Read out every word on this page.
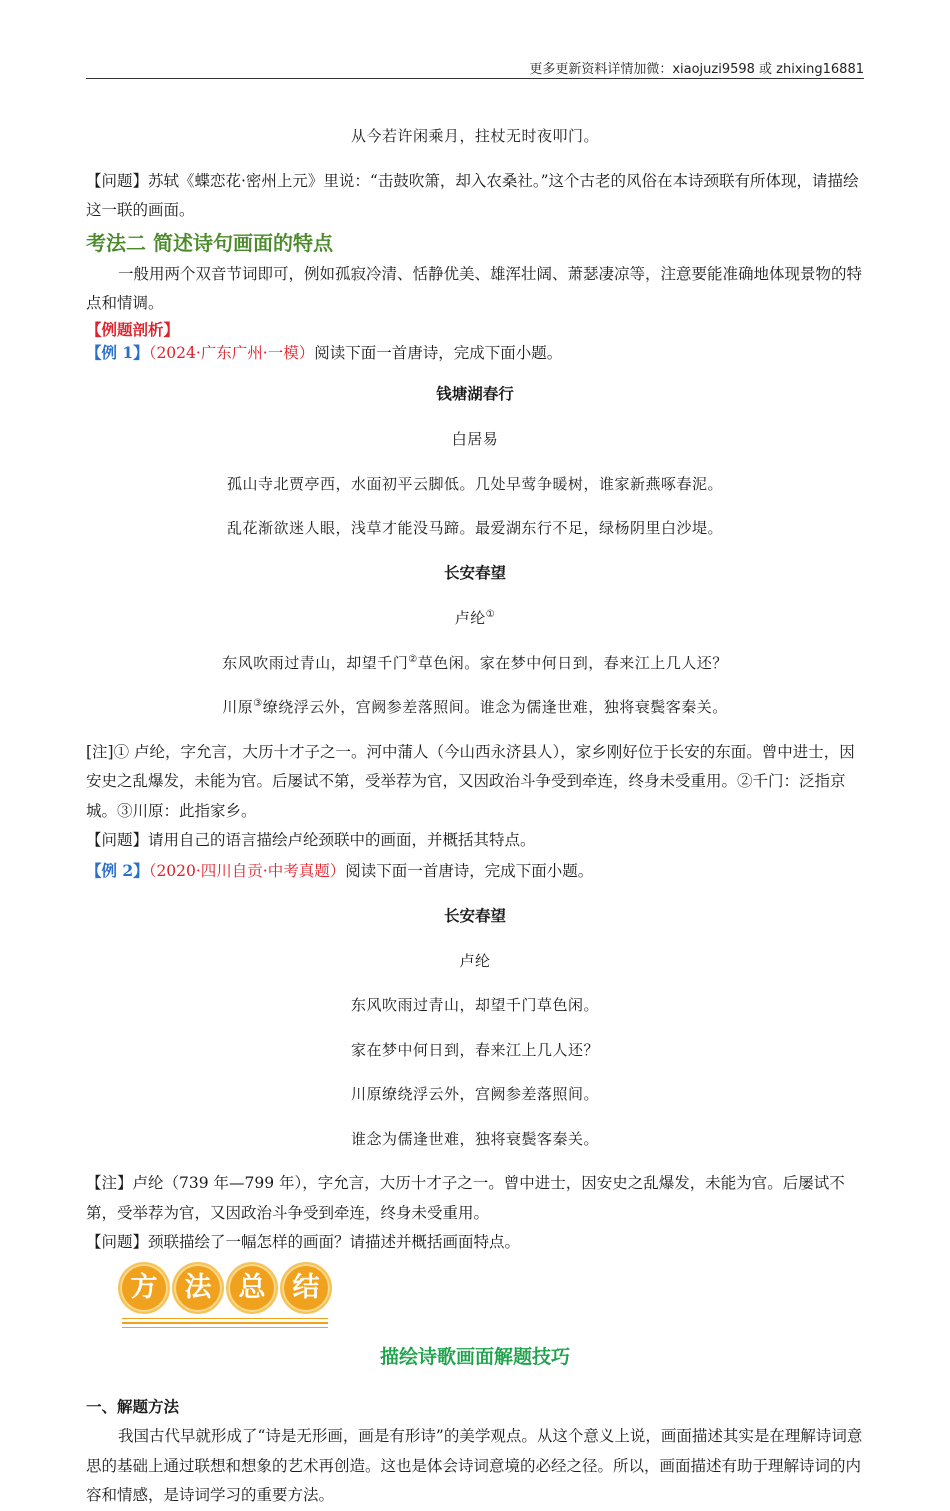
更多更新资料详情加微：xiaojuzi9598 或 zhixing16881

从今若许闲乘月，拄杖无时夜叩门。

【问题】苏轼《蝶恋花·密州上元》里说：“击鼓吹箫，却入农桑社。”这个古老的风俗在本诗颈联有所体现，请描绘这一联的画面。

考法二 简述诗句画面的特点

一般用两个双音节词即可，例如孤寂冷清、恬静优美、雄浑壮阔、萧瑟凄凉等，注意要能准确地体现景物的特点和情调。

【例题剖析】

【例 1】（2024·广东广州·一模）阅读下面一首唐诗，完成下面小题。

钱塘湖春行

白居易

孤山寺北贾亭西，水面初平云脚低。几处早莺争暖树，谁家新燕啄春泥。

乱花渐欲迷人眼，浅草才能没马蹄。最爱湖东行不足，绿杨阴里白沙堤。

长安春望

卢纶①

东风吹雨过青山，却望千门②草色闲。家在梦中何日到，春来江上几人还？

川原③缭绕浮云外，宫阙参差落照间。谁念为儒逢世难，独将衰鬓客秦关。

[注]① 卢纶，字允言，大历十才子之一。河中蒲人（今山西永济县人），家乡刚好位于长安的东面。曾中进士，因安史之乱爆发，未能为官。后屡试不第，受举荐为官，又因政治斗争受到牵连，终身未受重用。②千门：泛指京城。③川原：此指家乡。

【问题】请用自己的语言描绘卢纶颈联中的画面，并概括其特点。

【例 2】（2020·四川自贡·中考真题）阅读下面一首唐诗，完成下面小题。

长安春望

卢纶

东风吹雨过青山，却望千门草色闲。

家在梦中何日到，春来江上几人还？

川原缭绕浮云外，宫阙参差落照间。

谁念为儒逢世难，独将衰鬓客秦关。

【注】卢纶（739 年—799 年），字允言，大历十才子之一。曾中进士，因安史之乱爆发，未能为官。后屡试不第，受举荐为官，又因政治斗争受到牵连，终身未受重用。

【问题】颈联描绘了一幅怎样的画面？请描述并概括画面特点。

方	法	总	结

描绘诗歌画面解题技巧

一、解题方法

我国古代早就形成了“诗是无形画，画是有形诗”的美学观点。从这个意义上说，画面描述其实是在理解诗词意思的基础上通过联想和想象的艺术再创造。这也是体会诗词意境的必经之径。所以，画面描述有助于理解诗词的内容和情感，是诗词学习的重要方法。
